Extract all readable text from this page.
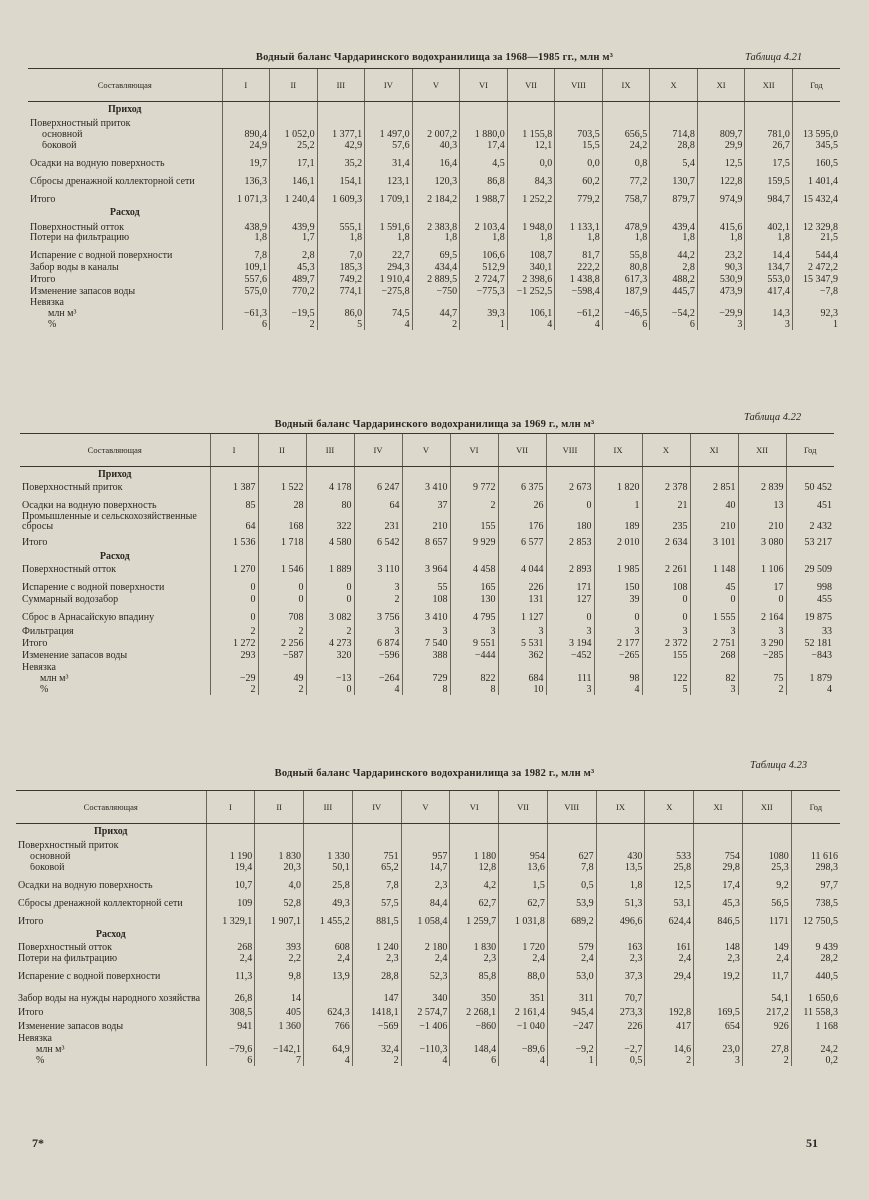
Водный баланс Чардаринского водохранилища за 1968—1985 гг., млн м³	Таблица 4.21
Составляющая	I	II	III	IV	V	VI	VII	VIII	IX	X	XI	XII	Год
Приход													
Поверхностный приток													
основной	890,4	1 052,0	1 377,1	1 497,0	2 007,2	1 880,0	1 155,8	703,5	656,5	714,8	809,7	781,0	13 595,0
боковой	24,9	25,2	42,9	57,6	40,3	17,4	12,1	15,5	24,2	28,8	29,9	26,7	345,5
Осадки на водную поверхность	19,7	17,1	35,2	31,4	16,4	4,5	0,0	0,0	0,8	5,4	12,5	17,5	160,5
Сбросы дренажной коллекторной сети	136,3	146,1	154,1	123,1	120,3	86,8	84,3	60,2	77,2	130,7	122,8	159,5	1 401,4
Итого	1 071,3	1 240,4	1 609,3	1 709,1	2 184,2	1 988,7	1 252,2	779,2	758,7	879,7	974,9	984,7	15 432,4
Расход													
Поверхностный отток	438,9	439,9	555,1	1 591,6	2 383,8	2 103,4	1 948,0	1 133,1	478,9	439,4	415,6	402,1	12 329,8
Потери на фильтрацию	1,8	1,7	1,8	1,8	1,8	1,8	1,8	1,8	1,8	1,8	1,8	1,8	21,5
Испарение с водной поверхности	7,8	2,8	7,0	22,7	69,5	106,6	108,7	81,7	55,8	44,2	23,2	14,4	544,4
Забор воды в каналы	109,1	45,3	185,3	294,3	434,4	512,9	340,1	222,2	80,8	2,8	90,3	134,7	2 472,2
Итого	557,6	489,7	749,2	1 910,4	2 889,5	2 724,7	2 398,6	1 438,8	617,3	488,2	530,9	553,0	15 347,9
Изменение запасов воды	575,0	770,2	774,1	−275,8	−750	−775,3	−1 252,5	−598,4	187,9	445,7	473,9	417,4	−7,8
Невязка													
млн м³	−61,3	−19,5	86,0	74,5	44,7	39,3	106,1	−61,2	−46,5	−54,2	−29,9	14,3	92,3
%	6	2	5	4	2	1	4	4	6	6	3	3	1
Таблица 4.22
Водный баланс Чардаринского водохранилища за 1969 г., млн м³
Составляющая	I	II	III	IV	V	VI	VII	VIII	IX	X	XI	XII	Год
Приход													
Поверхностный приток	1 387	1 522	4 178	6 247	3 410	9 772	6 375	2 673	1 820	2 378	2 851	2 839	50 452
Осадки на водную поверхность	85	28	80	64	37	2	26	0	1	21	40	13	451
Промышленные и сельскохозяйственные сбросы	64	168	322	231	210	155	176	180	189	235	210	210	2 432
Итого	1 536	1 718	4 580	6 542	8 657	9 929	6 577	2 853	2 010	2 634	3 101	3 080	53 217
Расход													
Поверхностный отток	1 270	1 546	1 889	3 110	3 964	4 458	4 044	2 893	1 985	2 261	1 148	1 106	29 509
Испарение с водной поверхности	0	0	0	3	55	165	226	171	150	108	45	17	998
Суммарный водозабор	0	0	0	2	108	130	131	127	39	0	0	0	455
Сброс в Арнасайскую впадину	0	708	3 082	3 756	3 410	4 795	1 127	0	0	0	1 555	2 164	19 875
Фильтрация	2	2	2	3	3	3	3	3	3	3	3	3	33
Итого	1 272	2 256	4 273	6 874	7 540	9 551	5 531	3 194	2 177	2 372	2 751	3 290	52 181
Изменение запасов воды	293	−587	320	−596	388	−444	362	−452	−265	155	268	−285	−843
Невязка													
млн м³	−29	49	−13	−264	729	822	684	111	98	122	82	75	1 879
%	2	2	0	4	8	8	10	3	4	5	3	2	4
Водный баланс Чардаринского водохранилища за 1982 г., млн м³
Таблица 4.23
Составляющая	I	II	III	IV	V	VI	VII	VIII	IX	X	XI	XII	Год
Приход													
Поверхностный приток													
основной	1 190	1 830	1 330	751	957	1 180	954	627	430	533	754	1080	11 616
боковой	19,4	20,3	50,1	65,2	14,7	12,8	13,6	7,8	13,5	25,8	29,8	25,3	298,3
Осадки на водную поверхность	10,7	4,0	25,8	7,8	2,3	4,2	1,5	0,5	1,8	12,5	17,4	9,2	97,7
Сбросы дренажной коллекторной сети	109	52,8	49,3	57,5	84,4	62,7	62,7	53,9	51,3	53,1	45,3	56,5	738,5
Итого	1 329,1	1 907,1	1 455,2	881,5	1 058,4	1 259,7	1 031,8	689,2	496,6	624,4	846,5	1171	12 750,5
Расход													
Поверхностный отток	268	393	608	1 240	2 180	1 830	1 720	579	163	161	148	149	9 439
Потери на фильтрацию	2,4	2,2	2,4	2,3	2,4	2,3	2,4	2,4	2,3	2,4	2,3	2,4	28,2
Испарение с водной поверхности	11,3	9,8	13,9	28,8	52,3	85,8	88,0	53,0	37,3	29,4	19,2	11,7	440,5
Забор воды на нужды народного хозяйства	26,8	14		147	340	350	351	311	70,7			54,1	1 650,6
Итого	308,5	405	624,3	1418,1	2 574,7	2 268,1	2 161,4	945,4	273,3	192,8	169,5	217,2	11 558,3
Изменение запасов воды	941	1 360	766	−569	−1 406	−860	−1 040	−247	226	417	654	926	1 168
Невязка													
млн м³	−79,6	−142,1	64,9	32,4	−110,3	148,4	−89,6	−9,2	−2,7	14,6	23,0	27,8	24,2
%	6	7	4	2	4	6	4	1	0,5	2	3	2	0,2
7*	51
